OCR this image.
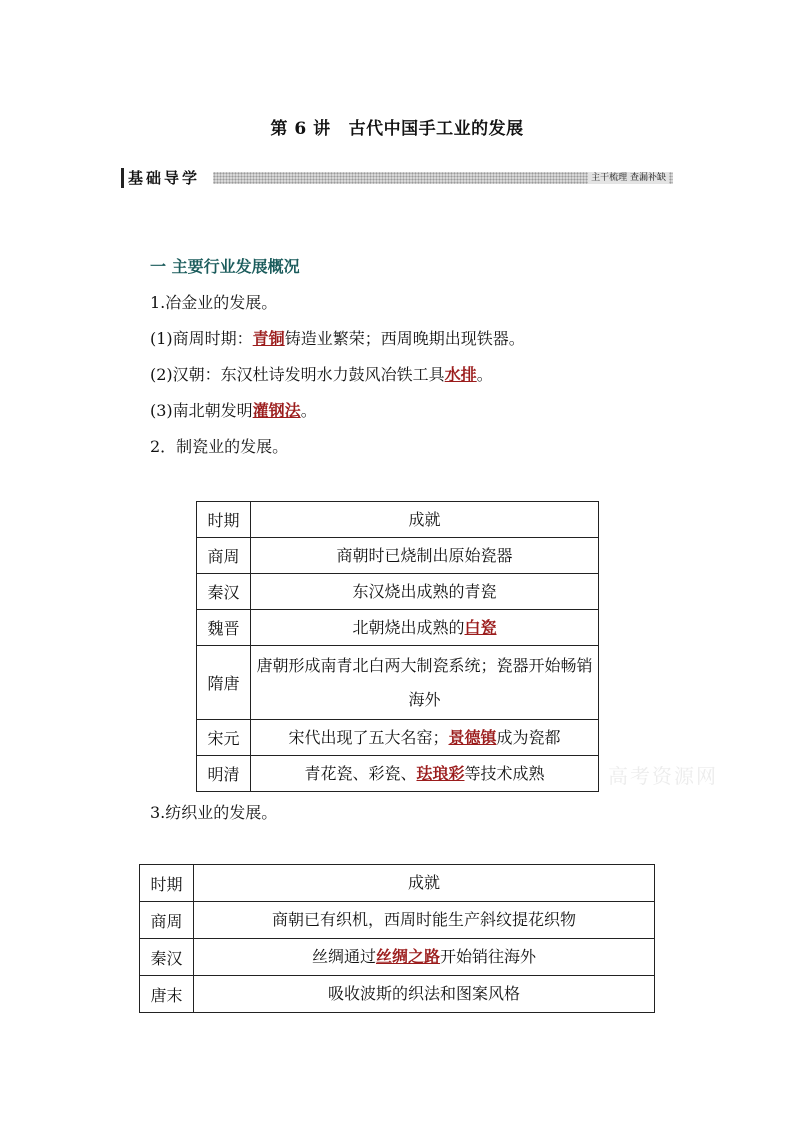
第 6 讲 古代中国手工业的发展
基础导学	主干梳理 查漏补缺
一 主要行业发展概况
1.冶金业的发展。
(1)商周时期：青铜铸造业繁荣；西周晚期出现铁器。
(2)汉朝：东汉杜诗发明水力鼓风冶铁工具水排。
(3)南北朝发明灌钢法。
2．制瓷业的发展。
时期	成就
商周	商朝时已烧制出原始瓷器
秦汉	东汉烧出成熟的青瓷
魏晋	北朝烧出成熟的白瓷
隋唐	唐朝形成南青北白两大制瓷系统；瓷器开始畅销海外
宋元	宋代出现了五大名窑；景德镇成为瓷都
明清	青花瓷、彩瓷、珐琅彩等技术成熟	高考资源网
3.纺织业的发展。
时期	成就
商周	商朝已有织机，西周时能生产斜纹提花织物
秦汉	丝绸通过丝绸之路开始销往海外
唐末	吸收波斯的织法和图案风格
